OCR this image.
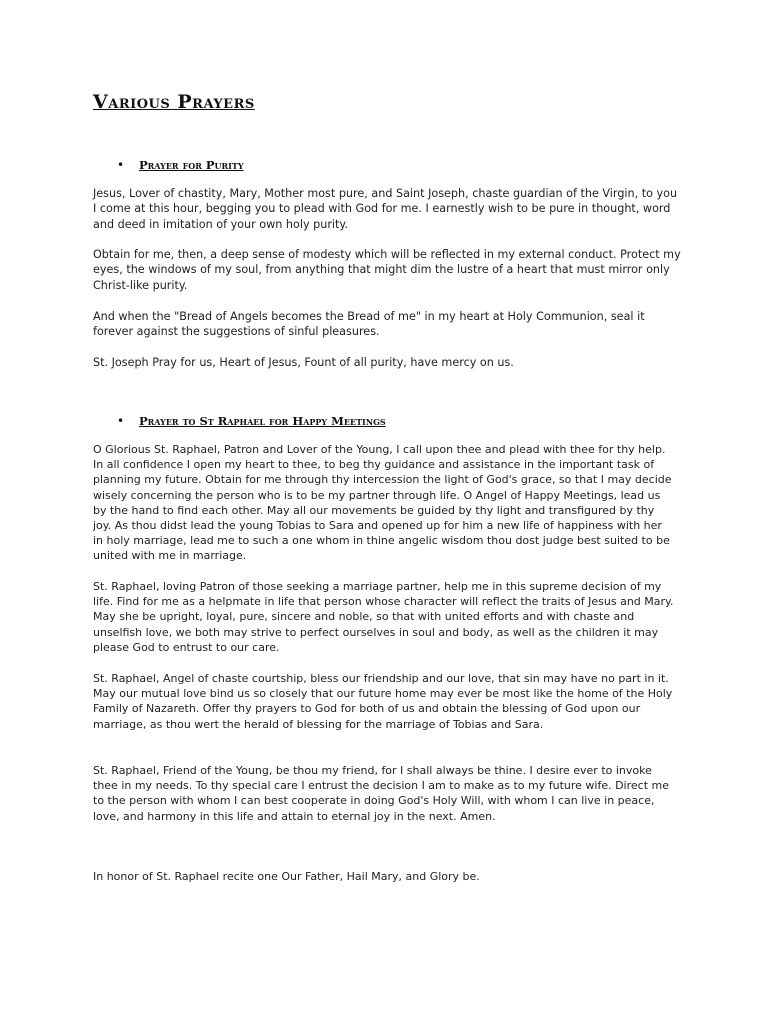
Various Prayers
• Prayer for Purity

Jesus, Lover of chastity, Mary, Mother most pure, and Saint Joseph, chaste guardian of the Virgin, to you I come at this hour, begging you to plead with God for me. I earnestly wish to be pure in thought, word and deed in imitation of your own holy purity.

Obtain for me, then, a deep sense of modesty which will be reflected in my external conduct. Protect my eyes, the windows of my soul, from anything that might dim the lustre of a heart that must mirror only Christ-like purity.

And when the "Bread of Angels becomes the Bread of me" in my heart at Holy Communion, seal it forever against the suggestions of sinful pleasures.

St. Joseph Pray for us, Heart of Jesus, Fount of all purity, have mercy on us.

• Prayer to St Raphael for Happy Meetings

O Glorious St. Raphael, Patron and Lover of the Young, I call upon thee and plead with thee for thy help. In all confidence I open my heart to thee, to beg thy guidance and assistance in the important task of planning my future. Obtain for me through thy intercession the light of God's grace, so that I may decide wisely concerning the person who is to be my partner through life. O Angel of Happy Meetings, lead us by the hand to find each other. May all our movements be guided by thy light and transfigured by thy joy. As thou didst lead the young Tobias to Sara and opened up for him a new life of happiness with her in holy marriage, lead me to such a one whom in thine angelic wisdom thou dost judge best suited to be united with me in marriage.

St. Raphael, loving Patron of those seeking a marriage partner, help me in this supreme decision of my life. Find for me as a helpmate in life that person whose character will reflect the traits of Jesus and Mary. May she be upright, loyal, pure, sincere and noble, so that with united efforts and with chaste and unselfish love, we both may strive to perfect ourselves in soul and body, as well as the children it may please God to entrust to our care.

St. Raphael, Angel of chaste courtship, bless our friendship and our love, that sin may have no part in it. May our mutual love bind us so closely that our future home may ever be most like the home of the Holy Family of Nazareth. Offer thy prayers to God for both of us and obtain the blessing of God upon our marriage, as thou wert the herald of blessing for the marriage of Tobias and Sara.

St. Raphael, Friend of the Young, be thou my friend, for I shall always be thine. I desire ever to invoke thee in my needs. To thy special care I entrust the decision I am to make as to my future wife. Direct me to the person with whom I can best cooperate in doing God's Holy Will, with whom I can live in peace, love, and harmony in this life and attain to eternal joy in the next. Amen.

In honor of St. Raphael recite one Our Father, Hail Mary, and Glory be.
